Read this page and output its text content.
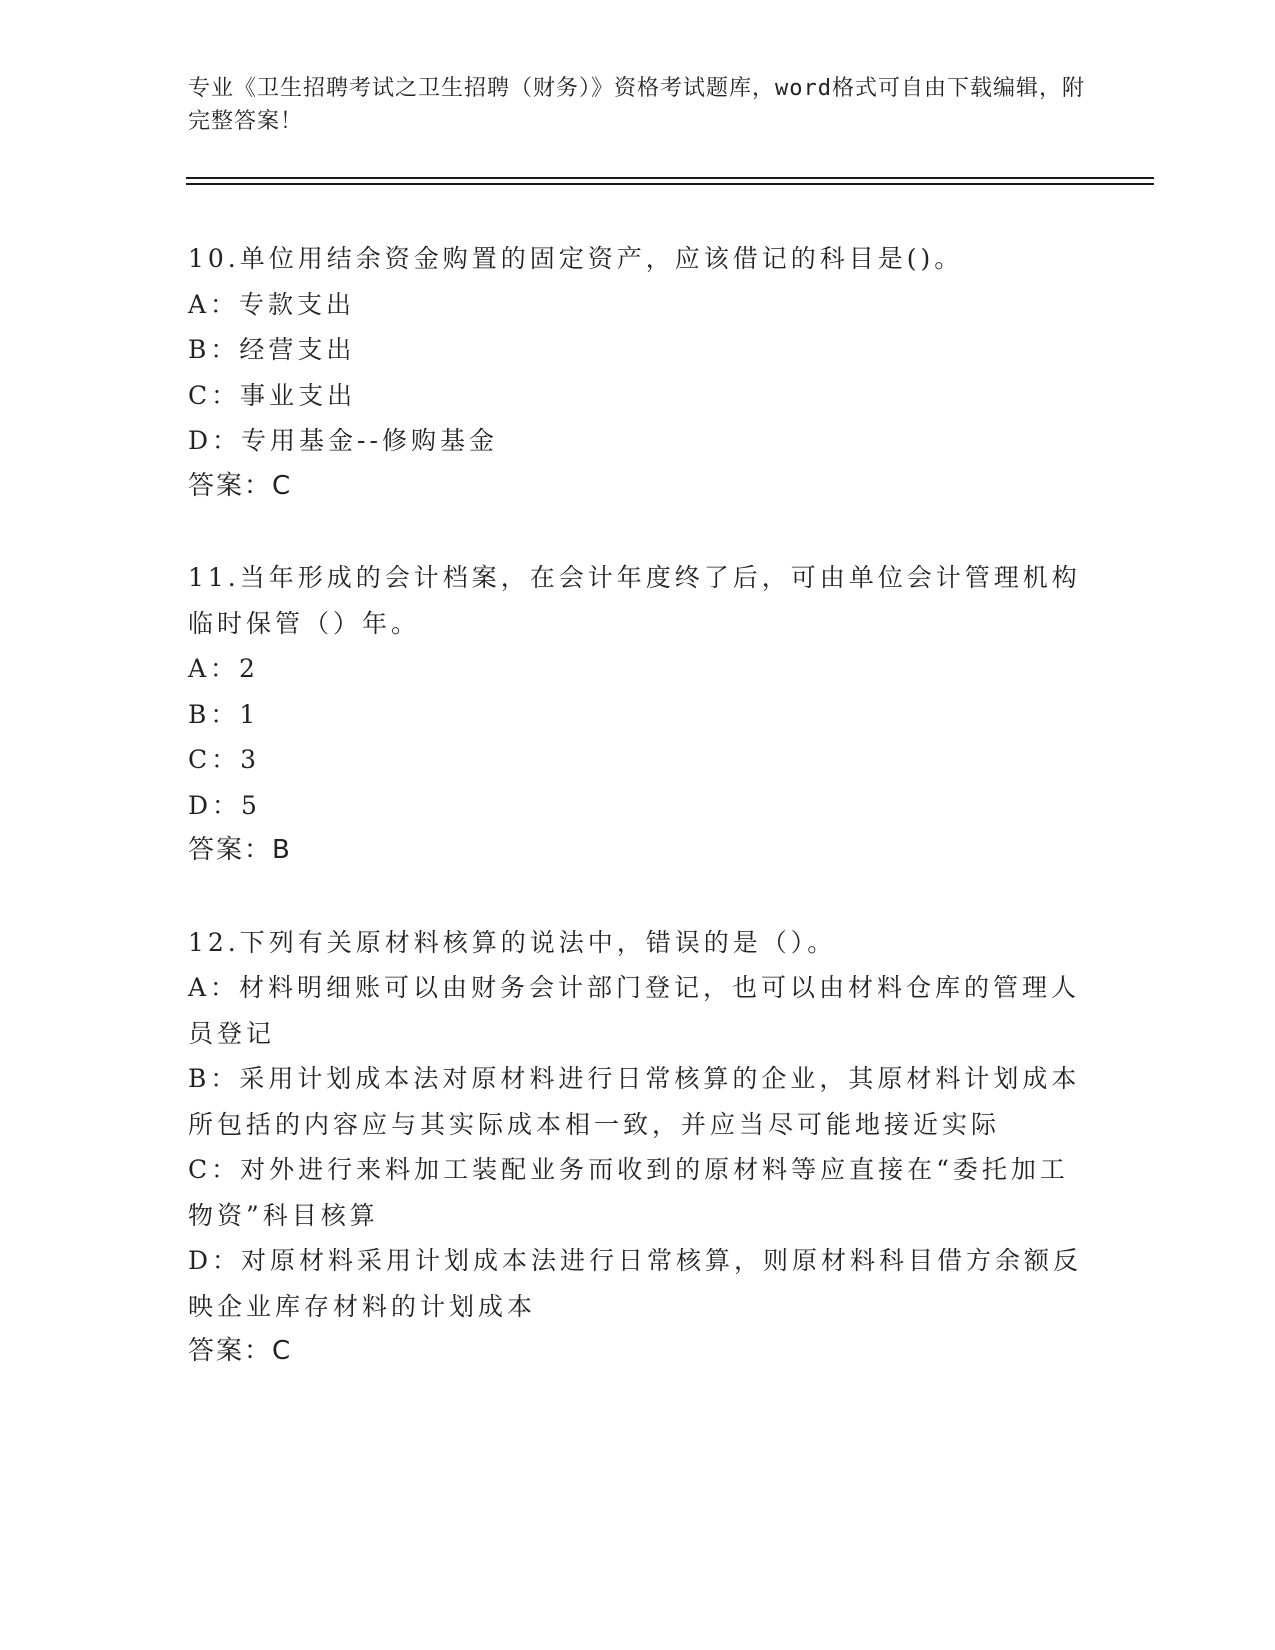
专业《卫生招聘考试之卫生招聘（财务）》资格考试题库，word格式可自由下载编辑，附完整答案！
10.单位用结余资金购置的固定资产，应该借记的科目是()。
A：专款支出
B：经营支出
C：事业支出
D：专用基金--修购基金
答案：C
11.当年形成的会计档案，在会计年度终了后，可由单位会计管理机构临时保管（）年。
A：2
B：1
C：3
D：5
答案：B
12.下列有关原材料核算的说法中，错误的是（）。
A：材料明细账可以由财务会计部门登记，也可以由材料仓库的管理人员登记
B：采用计划成本法对原材料进行日常核算的企业，其原材料计划成本所包括的内容应与其实际成本相一致，并应当尽可能地接近实际
C：对外进行来料加工装配业务而收到的原材料等应直接在“委托加工物资”科目核算
D：对原材料采用计划成本法进行日常核算，则原材料科目借方余额反映企业库存材料的计划成本
答案：C
